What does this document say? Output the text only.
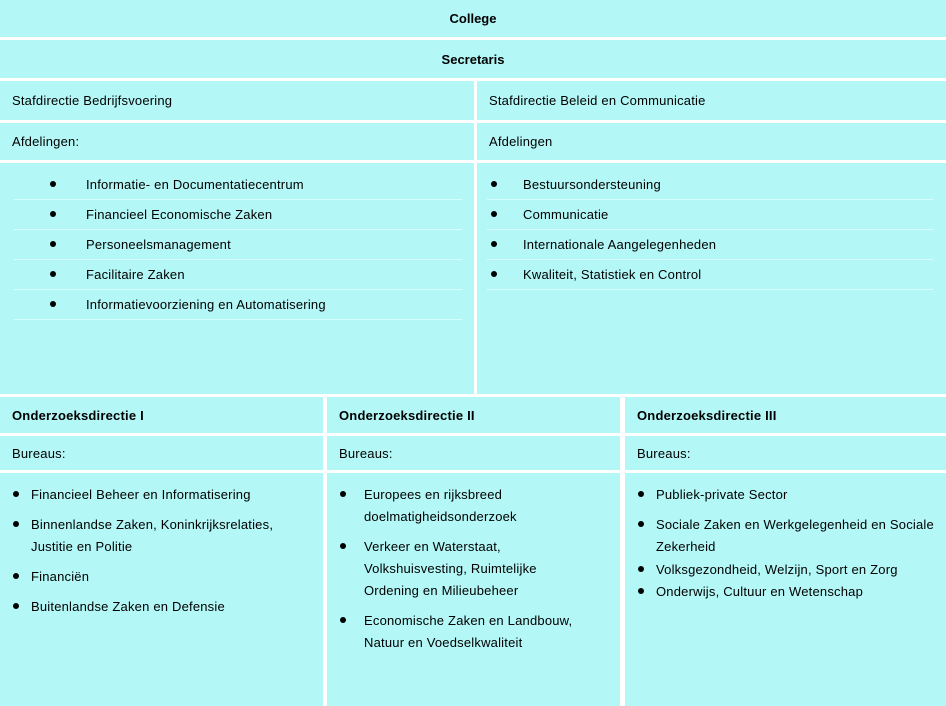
College
Secretaris
Stafdirectie Bedrijfsvoering
Afdelingen:
Informatie- en Documentatiecentrum
Financieel Economische Zaken
Personeelsmanagement
Facilitaire Zaken
Informatievoorziening en Automatisering
Stafdirectie Beleid en Communicatie
Afdelingen
Bestuursondersteuning
Communicatie
Internationale Aangelegenheden
Kwaliteit, Statistiek en Control
Onderzoeksdirectie I
Bureaus:
Financieel Beheer en Informatisering
Binnenlandse Zaken, Koninkrijksrelaties, Justitie en Politie
Financiën
Buitenlandse Zaken en Defensie
Onderzoeksdirectie II
Bureaus:
Europees en rijksbreed doelmatigheidsonderzoek
Verkeer en Waterstaat, Volkshuisvesting, Ruimtelijke Ordening en Milieubeheer
Economische Zaken en Landbouw, Natuur en Voedselkwaliteit
Onderzoeksdirectie III
Bureaus:
Publiek-private Sector
Sociale Zaken en Werkgelegenheid en Sociale Zekerheid
Volksgezondheid, Welzijn, Sport en Zorg
Onderwijs, Cultuur en Wetenschap
